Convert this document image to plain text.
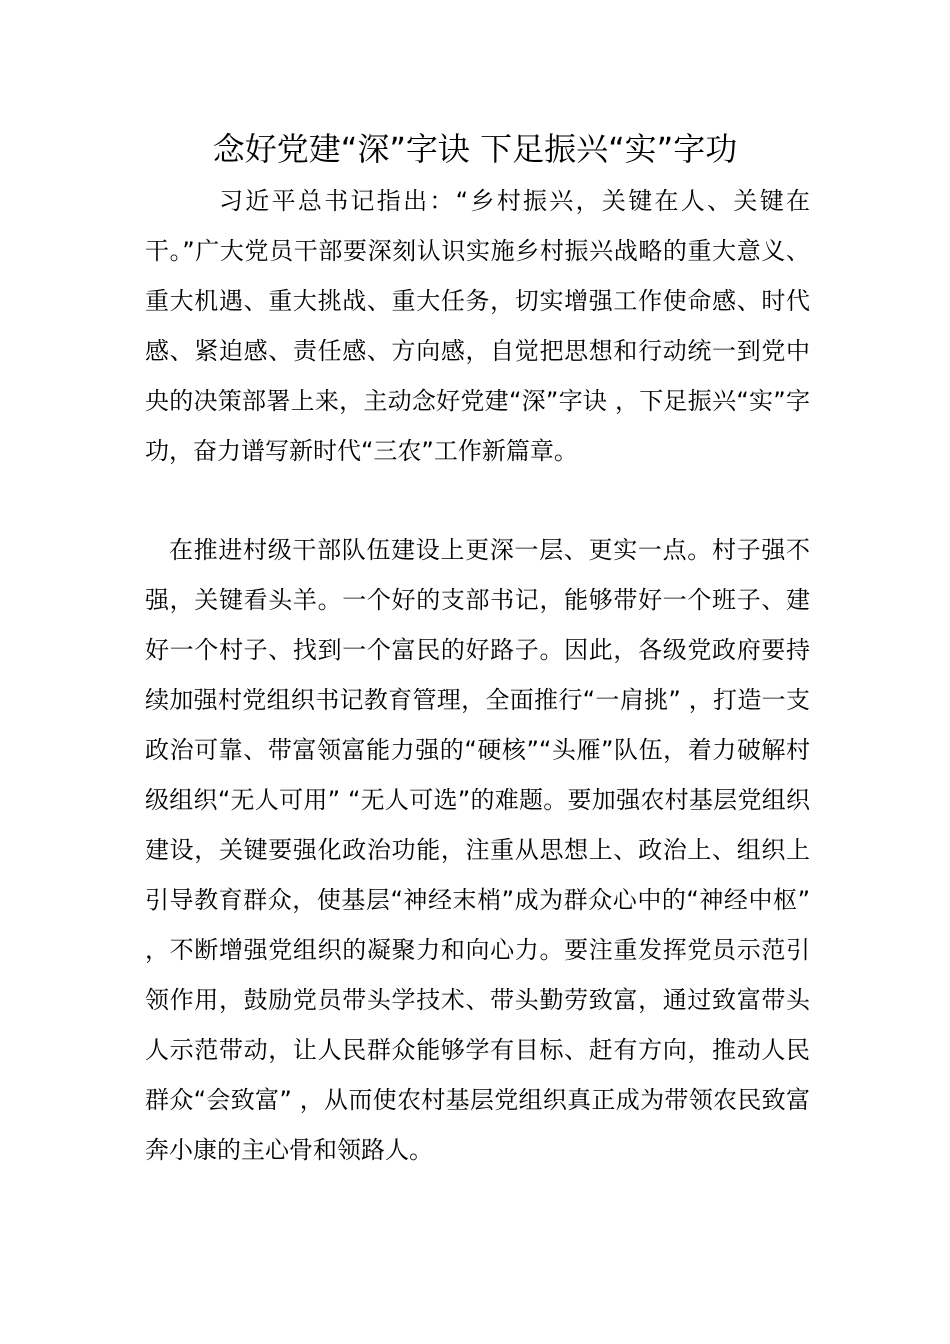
念好党建“深”字诀 下足振兴“实”字功

习近平总书记指出：“乡村振兴，关键在人、关键在干。”广大党员干部要深刻认识实施乡村振兴战略的重大意义、重大机遇、重大挑战、重大任务，切实增强工作使命感、时代感、紧迫感、责任感、方向感，自觉把思想和行动统一到党中央的决策部署上来，主动念好党建“深”字诀 ，下足振兴“实”字功，奋力谱写新时代“三农”工作新篇章。

在推进村级干部队伍建设上更深一层、更实一点。村子强不强，关键看头羊。一个好的支部书记，能够带好一个班子、建好一个村子、找到一个富民的好路子。因此，各级党政府要持续加强村党组织书记教育管理，全面推行“一肩挑” ，打造一支政治可靠、带富领富能力强的“硬核”“头雁”队伍，着力破解村级组织“无人可用” “无人可选”的难题。要加强农村基层党组织建设，关键要强化政治功能，注重从思想上、政治上、组织上引导教育群众，使基层“神经末梢”成为群众心中的“神经中枢” ，不断增强党组织的凝聚力和向心力。要注重发挥党员示范引领作用，鼓励党员带头学技术、带头勤劳致富，通过致富带头人示范带动，让人民群众能够学有目标、赶有方向，推动人民群众“会致富” ，从而使农村基层党组织真正成为带领农民致富奔小康的主心骨和领路人。
